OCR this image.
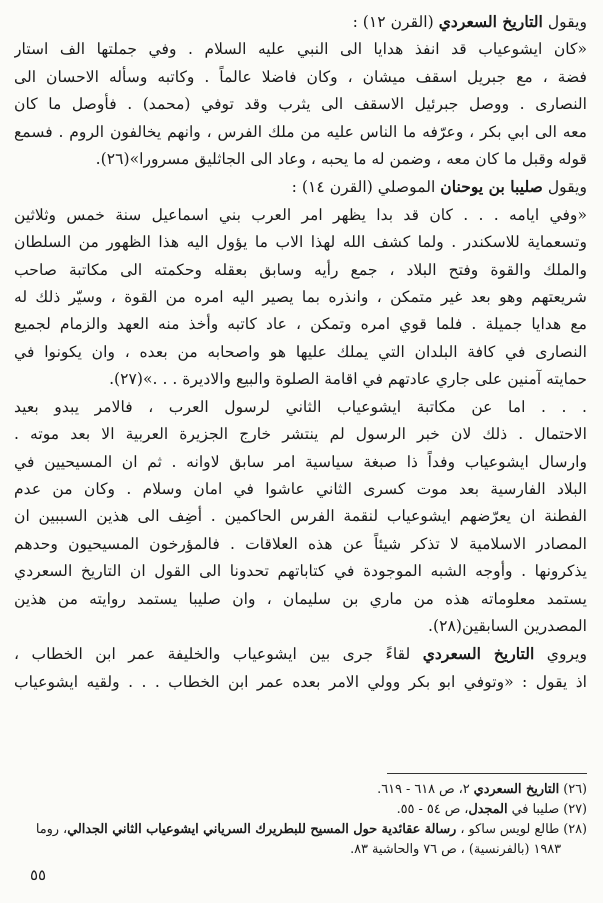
ويقول التاريخ السعردي (القرن ١٢) :
«كان ايشوعياب قد انفذ هدايا الى النبي عليه السلام . وفي جملتها الف استار
فضة ، مع جبريل اسقف ميشان ، وكان فاضلا عالماً . وكاتبه وسأله الاحسان الى
النصارى . ووصل جبرئيل الاسقف الى يثرب وقد توفي (محمد) . فأوصل ما كان
معه الى ابي بكر ، وعرّفه ما الناس عليه من ملك الفرس ، وانهم يخالفون الروم . فسمع
قوله وقبل ما كان معه ، وضمن له ما يحبه ، وعاد الى الجاثليق مسرورا»(٢٦).
ويقول صليبا بن يوحنان الموصلي (القرن ١٤) :
«وفي ايامه . . . كان قد بدا يظهر امر العرب بني اسماعيل سنة خمس وثلاثين
وتسعماية للاسكندر . ولما كشف الله لهذا الاب ما يؤول اليه هذا الظهور من السلطان
والملك والقوة وفتح البلاد ، جمع رأيه وسابق بعقله وحكمته الى مكاتبة صاحب
شريعتهم وهو بعد غير متمكن ، وانذره بما يصير اليه امره من القوة ، وسيّر ذلك له
مع هدايا جميلة . فلما قوي امره وتمكن ، عاد كاتبه وأخذ منه العهد والزمام لجميع
النصارى في كافة البلدان التي يملك عليها هو واصحابه من بعده ، وان يكونوا في
حمايته آمنين على جاري عادتهم في اقامة الصلوة والبيع والاديرة . . .»(٢٧).
. . . اما عن مكاتبة ايشوعياب الثاني لرسول العرب ، فالامر يبدو بعيد
الاحتمال . ذلك لان خبر الرسول لم ينتشر خارج الجزيرة العربية الا بعد موته .
وارسال ايشوعياب وفداً ذا صبغة سياسية امر سابق لاوانه . ثم ان المسيحيين في
البلاد الفارسية بعد موت كسرى الثاني عاشوا في امان وسلام . وكان من عدم
الفطنة ان يعرّضهم ايشوعياب لنقمة الفرس الحاكمين . أضِف الى هذين السببين ان
المصادر الاسلامية لا تذكر شيئاً عن هذه العلاقات . فالمؤرخون المسيحيون وحدهم
يذكرونها . وأوجه الشبه الموجودة في كتاباتهم تحدونا الى القول ان التاريخ السعردي
يستمد معلوماته هذه من ماري بن سليمان ، وان صليبا يستمد روايته من هذين
المصدرين السابقين(٢٨).
ويروي التاريخ السعردي لقاءً جرى بين ايشوعياب والخليفة عمر ابن الخطاب ،
اذ يقول : «وتوفي ابو بكر وولي الامر بعده عمر ابن الخطاب . . . ولقيه ايشوعياب
(٢٦) التاريخ السعردي ٢، ص ٦١٨ - ٦١٩.
(٢٧) صليبا في المجدل، ص ٥٤ - ٥٥.
(٢٨) طالع لويس ساكو ، رسالة عقائدية حول المسيح للبطريرك السرياني ايشوعياب الثاني الجدالي، روما
١٩٨٣ (بالفرنسية) ، ص ٧٦ والحاشية ٨٣.
٥٥
